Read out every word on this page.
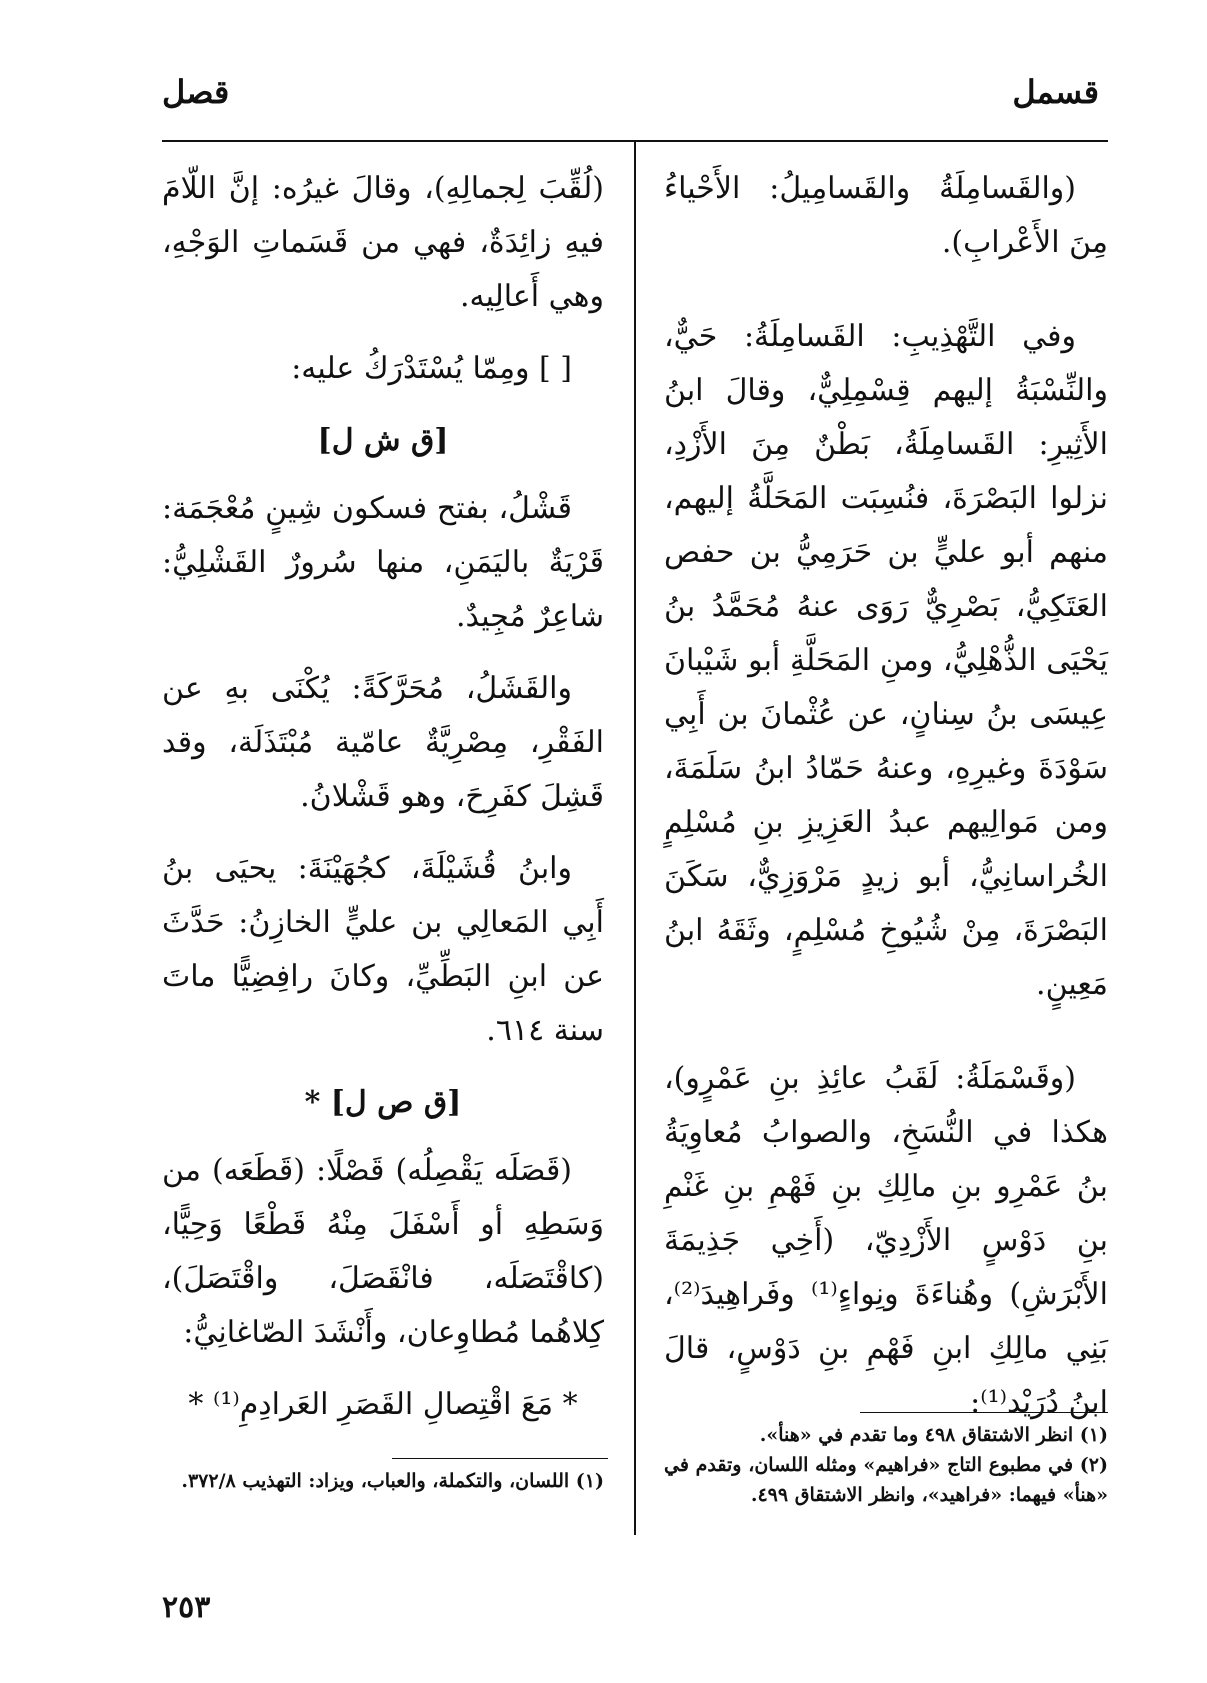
قسمل
قصل

(والقَسامِلَةُ والقَسامِيلُ: الأَحْياءُ مِنَ الأَعْرابِ).

وفي التَّهْذِيبِ: القَسامِلَةُ: حَيٌّ، والنِّسْبَةُ إليهم قِسْمِلِيٌّ، وقالَ ابنُ الأَثِيرِ: القَسامِلَةُ، بَطْنٌ مِنَ الأَزْدِ، نزلوا البَصْرَةَ، فنُسِبَت المَحَلَّةُ إليهم، منهم أبو عليٍّ بن حَرَمِيُّ بن حفص العَتَكِيُّ، بَصْرِيٌّ رَوَى عنهُ مُحَمَّدُ بنُ يَحْيَى الذُّهْلِيُّ، ومنِ المَحَلَّةِ أبو شَيْبانَ عِيسَى بنُ سِنانٍ، عن عُثْمانَ بن أَبِي سَوْدَةَ وغيرِهِ، وعنهُ حَمّادُ ابنُ سَلَمَةَ، ومن مَوالِيهم عبدُ العَزِيزِ بنِ مُسْلِمٍ الخُراسانِيُّ، أبو زيدٍ مَرْوَزِيٌّ، سَكَنَ البَصْرَةَ، مِنْ شُيُوخِ مُسْلِمٍ، وثَقَهُ ابنُ مَعِينٍ.

(وقَسْمَلَةُ: لَقَبُ عائِذِ بنِ عَمْرٍو)، هكذا في النُّسَخِ، والصوابُ مُعاوِيَةُ بنُ عَمْرِو بنِ مالِكِ بنِ فَهْمِ بنِ غَنْمِ بنِ دَوْسٍ الأَزْدِيّ، (أَخِي جَذِيمَةَ الأَبْرَشِ) وهُناءَةَ ونِواءٍ⁽¹⁾ وفَراهِيدَ⁽²⁾، بَنِي مالِكِ ابنِ فَهْمِ بنِ دَوْسٍ، قالَ ابنُ دُرَيْد⁽¹⁾:

(لُقِّبَ لِجمالِهِ)، وقالَ غيرُه: إنَّ اللّامَ فيهِ زائِدَةٌ، فهي من قَسَماتِ الوَجْهِ، وهي أَعالِيه.

[ ] ومِمّا يُسْتَدْرَكُ عليه:

[ق ش ل]

قَشْلُ، بفتح فسكون شِينٍ مُعْجَمَة: قَرْيَةٌ باليَمَنِ، منها سُرورٌ القَشْلِيُّ: شاعِرٌ مُجِيدٌ.

والقَشَلُ، مُحَرَّكَةً: يُكْنَى بهِ عن الفَقْرِ، مِصْرِيَّةٌ عامّية مُبْتَذَلَة، وقد قَشِلَ كفَرِحَ، وهو قَشْلانُ.

وابنُ قُشَيْلَةَ، كجُهَيْنَةَ: يحيَى بنُ أَبِي المَعالِي بن عليٍّ الخازِنُ: حَدَّثَ عن ابنِ البَطِّيِّ، وكانَ رافِضِيًّا ماتَ سنة ٦١٤.

[ق ص ل] *

(قَصَلَه يَقْصِلُه) قَصْلًا: (قَطَعَه) من وَسَطِهِ أو أَسْفَلَ مِنْهُ قَطْعًا وَحِيًّا، (كاقْتَصَلَه، فانْقَصَلَ، واقْتَصَلَ)، كِلاهُما مُطاوِعان، وأَنْشَدَ الصّاغانِيُّ:

* مَعَ اقْتِصالِ القَصَرِ العَرادِمِ⁽¹⁾ *

(١) انظر الاشتقاق ٤٩٨ وما تقدم في «هنأ».

(٢) في مطبوع التاج «فراهيم» ومثله اللسان، وتقدم في «هنأ» فيهما: «فراهيد»، وانظر الاشتقاق ٤٩٩.

(١) اللسان، والتكملة، والعباب، ويزاد: التهذيب ٣٧٢/٨.

٢٥٣
